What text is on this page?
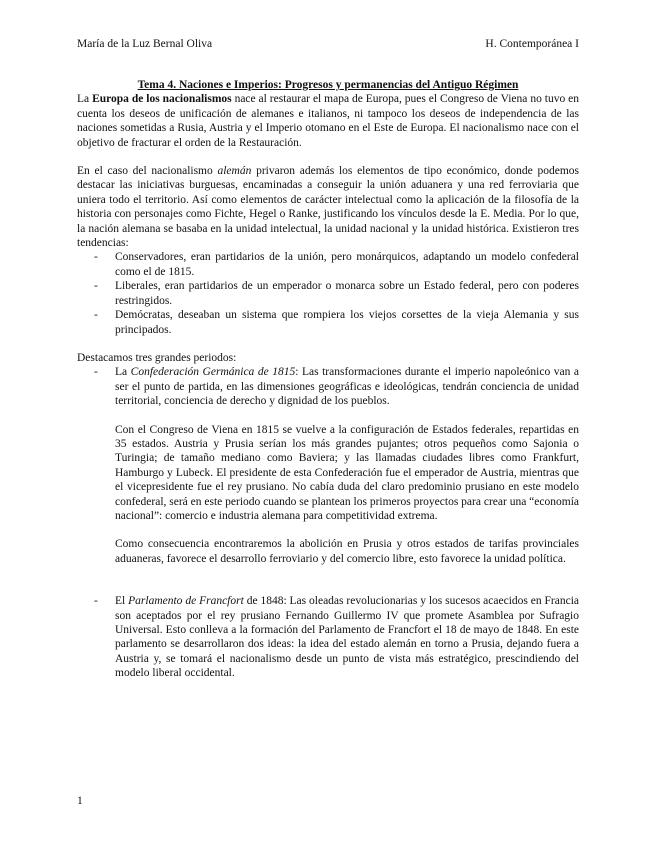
María de la Luz Bernal Oliva	H. Contemporánea I

Tema 4. Naciones e Imperios: Progresos y permanencias del Antiguo Régimen

La Europa de los nacionalismos nace al restaurar el mapa de Europa, pues el Congreso de Viena no tuvo en cuenta los deseos de unificación de alemanes e italianos, ni tampoco los deseos de independencia de las naciones sometidas a Rusia, Austria y el Imperio otomano en el Este de Europa. El nacionalismo nace con el objetivo de fracturar el orden de la Restauración.

En el caso del nacionalismo alemán privaron además los elementos de tipo económico, donde podemos destacar las iniciativas burguesas, encaminadas a conseguir la unión aduanera y una red ferroviaria que uniera todo el territorio. Así como elementos de carácter intelectual como la aplicación de la filosofía de la historia con personajes como Fichte, Hegel o Ranke, justificando los vínculos desde la E. Media. Por lo que, la nación alemana se basaba en la unidad intelectual, la unidad nacional y la unidad histórica. Existieron tres tendencias:

- Conservadores, eran partidarios de la unión, pero monárquicos, adaptando un modelo confederal como el de 1815.
- Liberales, eran partidarios de un emperador o monarca sobre un Estado federal, pero con poderes restringidos.
- Demócratas, deseaban un sistema que rompiera los viejos corsettes de la vieja Alemania y sus principados.

Destacamos tres grandes periodos:

- La Confederación Germánica de 1815: Las transformaciones durante el imperio napoleónico van a ser el punto de partida, en las dimensiones geográficas e ideológicas, tendrán conciencia de unidad territorial, conciencia de derecho y dignidad de los pueblos.

Con el Congreso de Viena en 1815 se vuelve a la configuración de Estados federales, repartidas en 35 estados. Austria y Prusia serían los más grandes pujantes; otros pequeños como Sajonia o Turingia; de tamaño mediano como Baviera; y las llamadas ciudades libres como Frankfurt, Hamburgo y Lubeck. El presidente de esta Confederación fue el emperador de Austria, mientras que el vicepresidente fue el rey prusiano. No cabía duda del claro predominio prusiano en este modelo confederal, será en este periodo cuando se plantean los primeros proyectos para crear una “economía nacional”: comercio e industria alemana para competitividad extrema.

Como consecuencia encontraremos la abolición en Prusia y otros estados de tarifas provinciales aduaneras, favorece el desarrollo ferroviario y del comercio libre, esto favorece la unidad política.

- El Parlamento de Francfort de 1848: Las oleadas revolucionarias y los sucesos acaecidos en Francia son aceptados por el rey prusiano Fernando Guillermo IV que promete Asamblea por Sufragio Universal. Esto conlleva a la formación del Parlamento de Francfort el 18 de mayo de 1848. En este parlamento se desarrollaron dos ideas: la idea del estado alemán en torno a Prusia, dejando fuera a Austria y, se tomará el nacionalismo desde un punto de vista más estratégico, prescindiendo del modelo liberal occidental.
1
